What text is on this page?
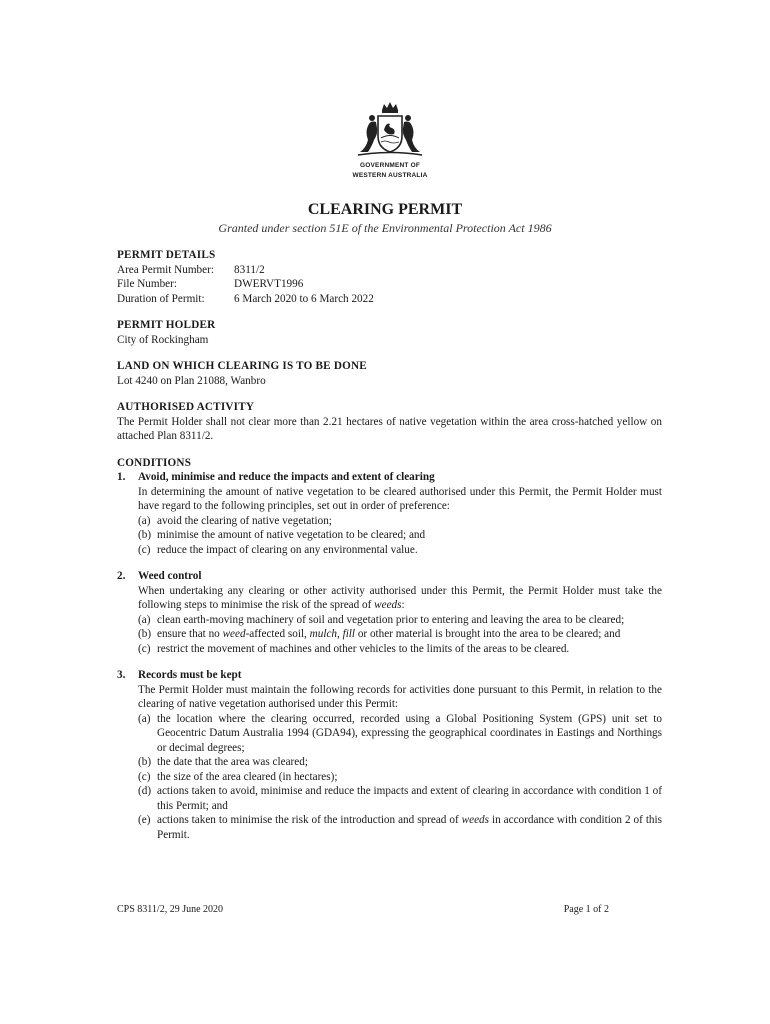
GOVERNMENT OF
WESTERN AUSTRALIA
CLEARING PERMIT
Granted under section 51E of the Environmental Protection Act 1986
PERMIT DETAILS
Area Permit Number:	8311/2
File Number:	DWERVT1996
Duration of Permit:	6 March 2020 to 6 March 2022
PERMIT HOLDER
City of Rockingham
LAND ON WHICH CLEARING IS TO BE DONE
Lot 4240 on Plan 21088, Wanbro
AUTHORISED ACTIVITY
The Permit Holder shall not clear more than 2.21 hectares of native vegetation within the area cross-hatched yellow on attached Plan 8311/2.
CONDITIONS
1.	Avoid, minimise and reduce the impacts and extent of clearing
In determining the amount of native vegetation to be cleared authorised under this Permit, the Permit Holder must have regard to the following principles, set out in order of preference:
(a) avoid the clearing of native vegetation;
(b) minimise the amount of native vegetation to be cleared; and
(c) reduce the impact of clearing on any environmental value.
2.	Weed control
When undertaking any clearing or other activity authorised under this Permit, the Permit Holder must take the following steps to minimise the risk of the spread of weeds:
(a) clean earth-moving machinery of soil and vegetation prior to entering and leaving the area to be cleared;
(b) ensure that no weed-affected soil, mulch, fill or other material is brought into the area to be cleared; and
(c) restrict the movement of machines and other vehicles to the limits of the areas to be cleared.
3.	Records must be kept
The Permit Holder must maintain the following records for activities done pursuant to this Permit, in relation to the clearing of native vegetation authorised under this Permit:
(a) the location where the clearing occurred, recorded using a Global Positioning System (GPS) unit set to Geocentric Datum Australia 1994 (GDA94), expressing the geographical coordinates in Eastings and Northings or decimal degrees;
(b) the date that the area was cleared;
(c) the size of the area cleared (in hectares);
(d) actions taken to avoid, minimise and reduce the impacts and extent of clearing in accordance with condition 1 of this Permit; and
(e) actions taken to minimise the risk of the introduction and spread of weeds in accordance with condition 2 of this Permit.
CPS 8311/2, 29 June 2020	Page 1 of 2
